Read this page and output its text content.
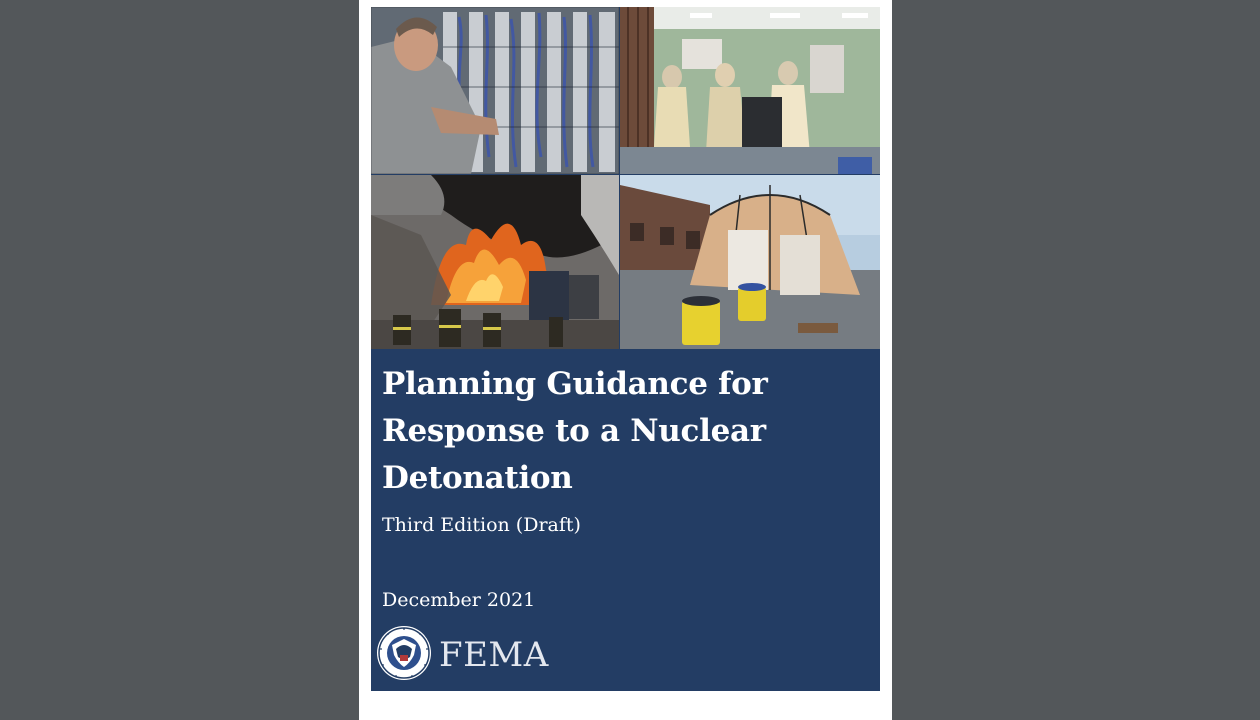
Planning Guidance for
Response to a Nuclear
Detonation

Third Edition (Draft)

December 2021

FEMA
